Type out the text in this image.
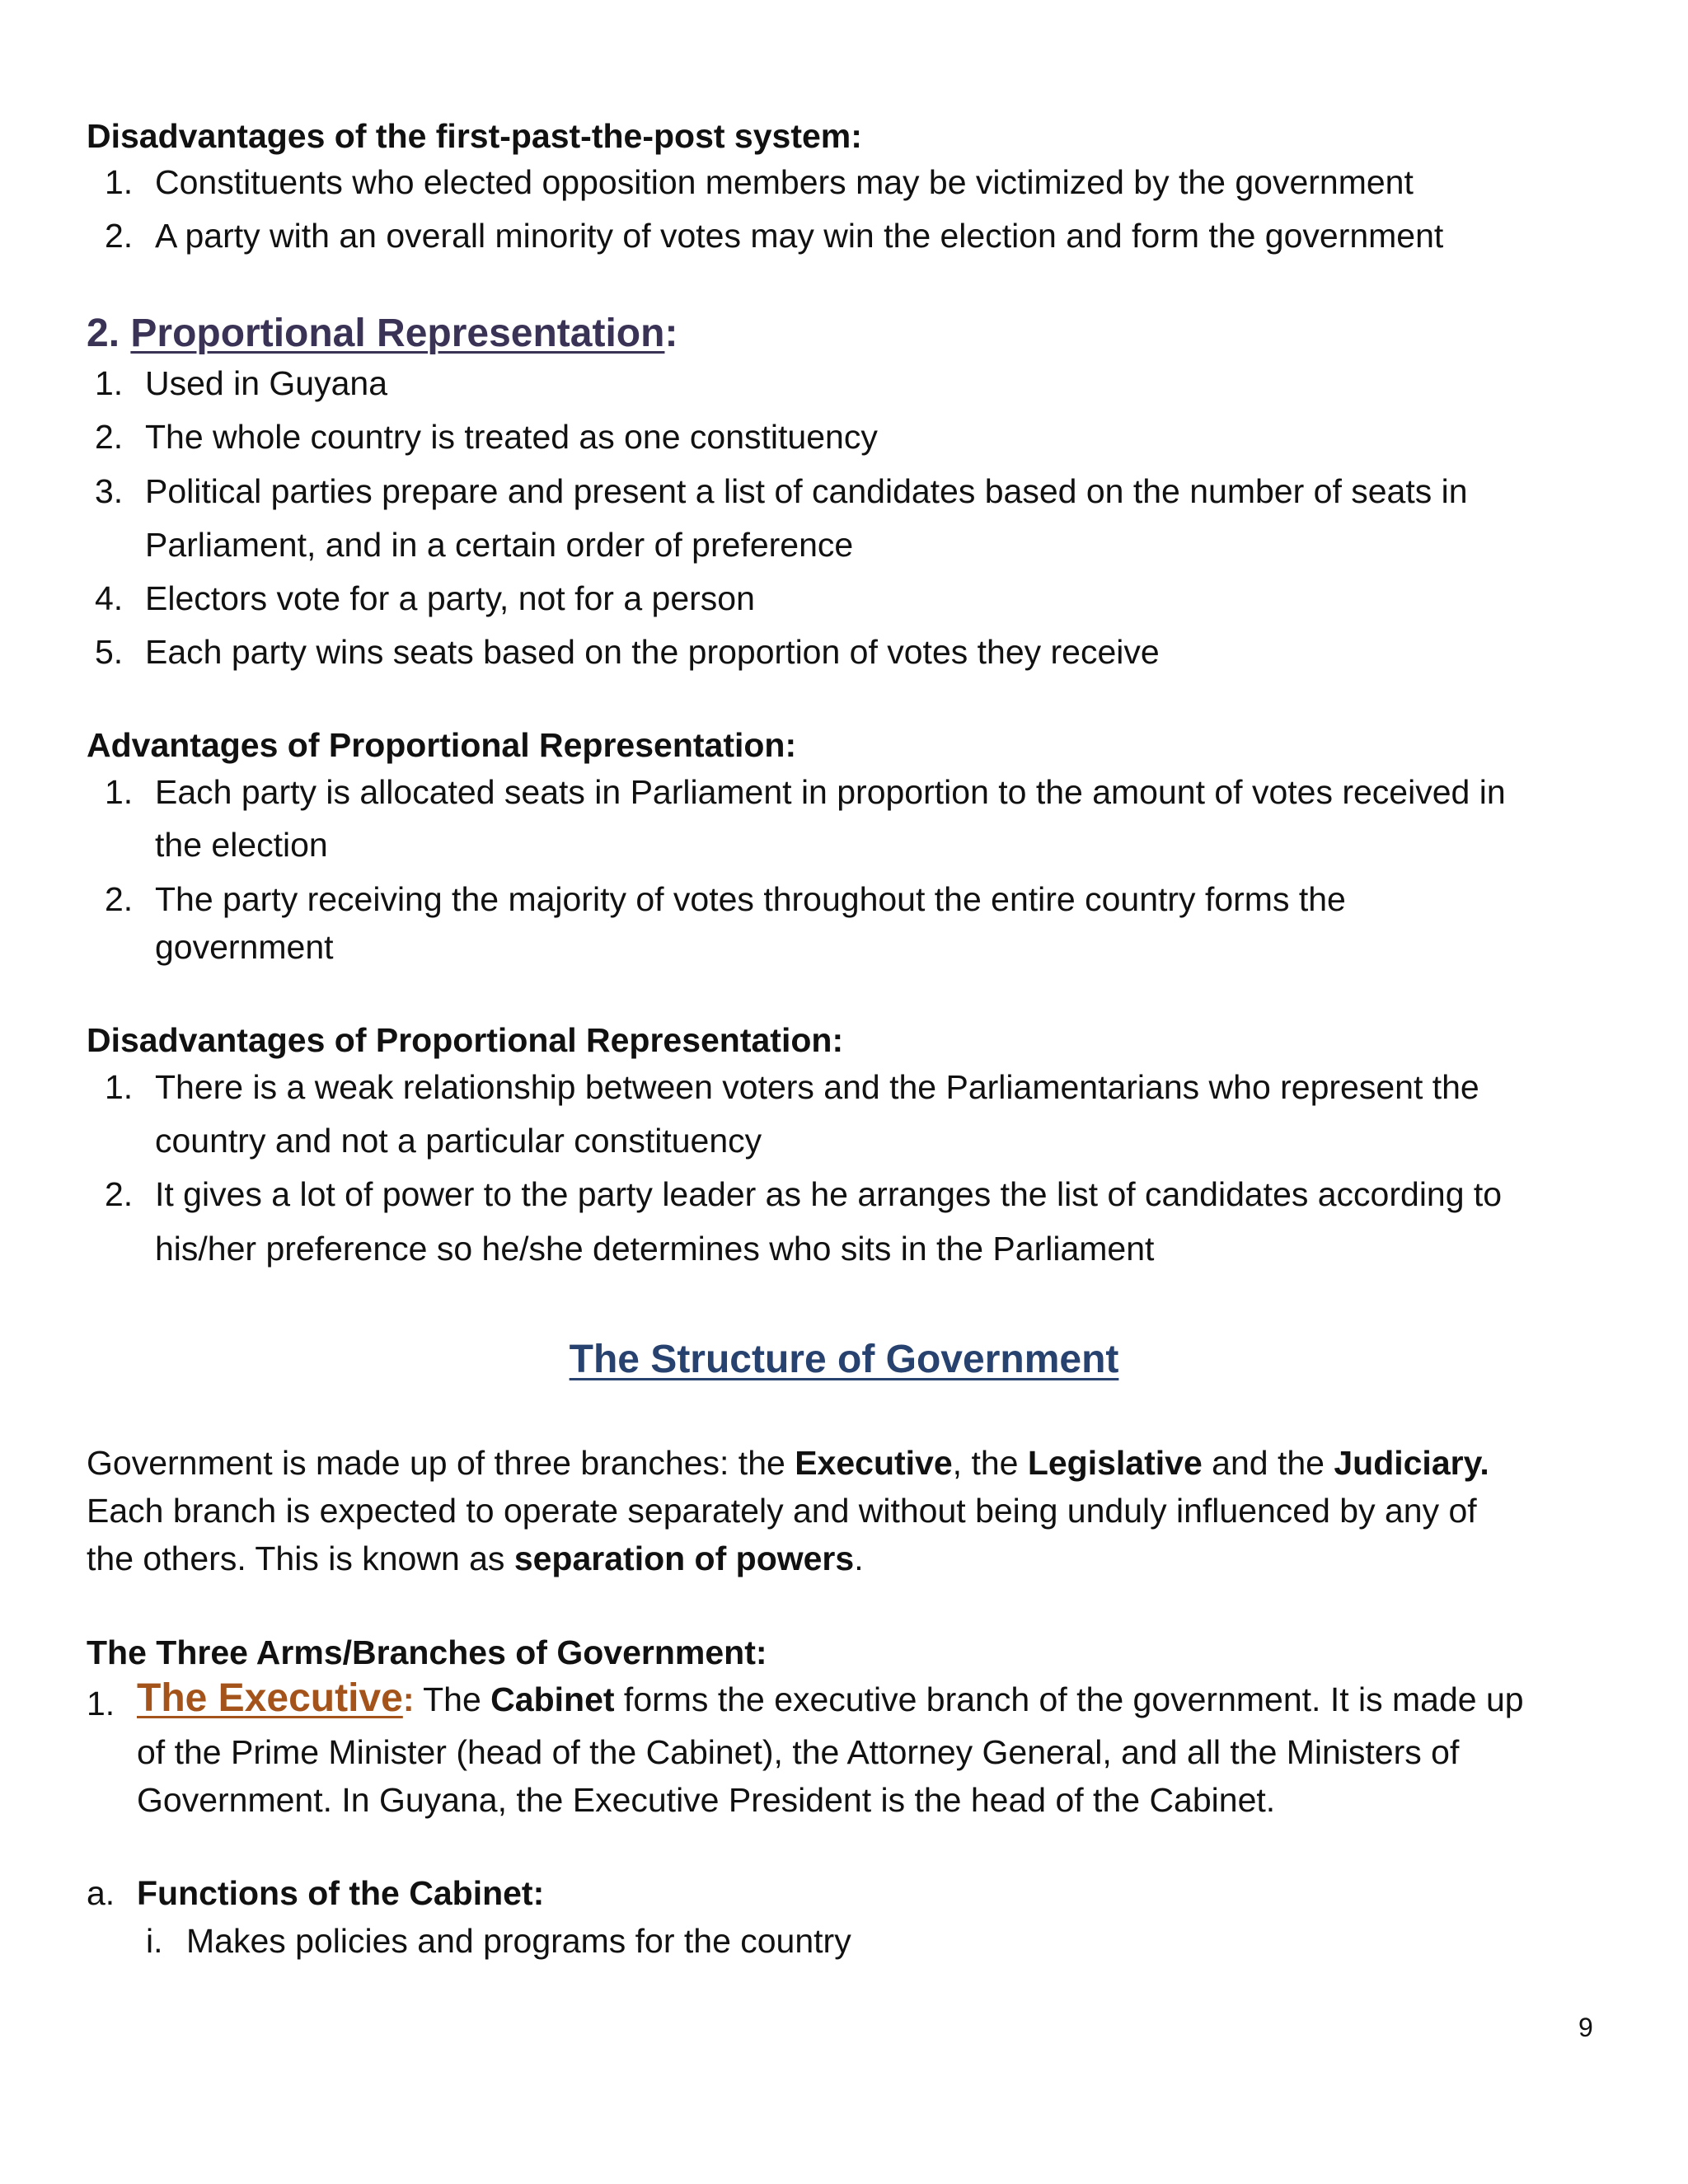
Disadvantages of the first-past-the-post system:
1. Constituents who elected opposition members may be victimized by the government
2. A party with an overall minority of votes may win the election and form the government
2. Proportional Representation:
1. Used in Guyana
2. The whole country is treated as one constituency
3. Political parties prepare and present a list of candidates based on the number of seats in
Parliament, and in a certain order of preference
4. Electors vote for a party, not for a person
5. Each party wins seats based on the proportion of votes they receive
Advantages of Proportional Representation:
1. Each party is allocated seats in Parliament in proportion to the amount of votes received in
the election
2. The party receiving the majority of votes throughout the entire country forms the
government
Disadvantages of Proportional Representation:
1. There is a weak relationship between voters and the Parliamentarians who represent the
country and not a particular constituency
2. It gives a lot of power to the party leader as he arranges the list of candidates according to
his/her preference so he/she determines who sits in the Parliament
The Structure of Government
Government is made up of three branches: the Executive, the Legislative and the Judiciary.
Each branch is expected to operate separately and without being unduly influenced by any of
the others. This is known as separation of powers.
The Three Arms/Branches of Government:
1. The Executive: The Cabinet forms the executive branch of the government. It is made up
of the Prime Minister (head of the Cabinet), the Attorney General, and all the Ministers of
Government. In Guyana, the Executive President is the head of the Cabinet.
a. Functions of the Cabinet:
i. Makes policies and programs for the country
9
